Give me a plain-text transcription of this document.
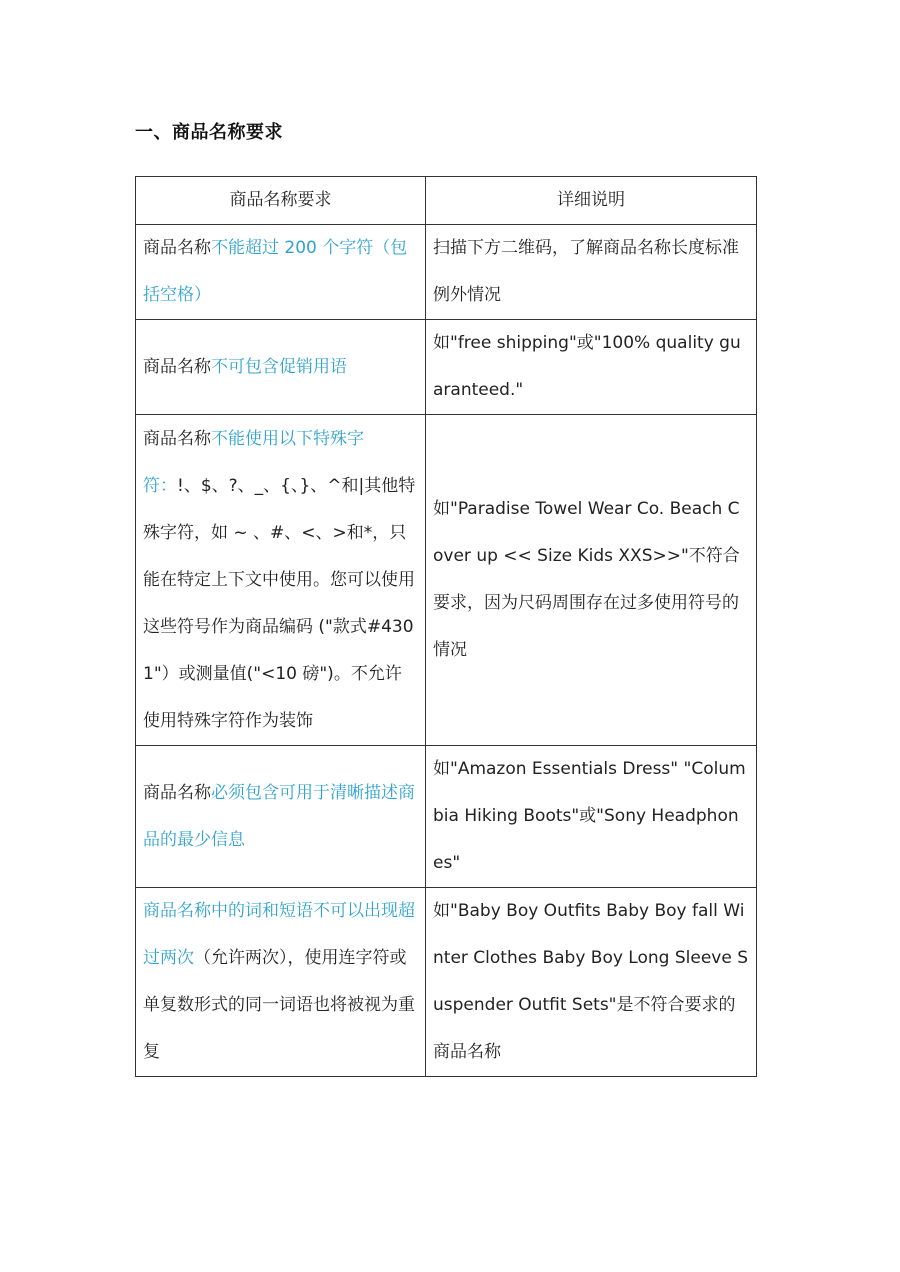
一、商品名称要求
商品名称要求	详细说明
商品名称不能超过 200 个字符（包括空格）	扫描下方二维码，了解商品名称长度标准例外情况
商品名称不可包含促销用语	如"free shipping"或"100% quality guaranteed."
商品名称不能使用以下特殊字符：!、$、?、_、{、}、^和|其他特殊字符，如 ~ 、#、<、>和*，只能在特定上下文中使用。您可以使用这些符号作为商品编码 ("款式#4301"）或测量值("<10 磅")。不允许使用特殊字符作为装饰	如"Paradise Towel Wear Co. Beach Cover up << Size Kids XXS>>"不符合要求，因为尺码周围存在过多使用符号的情况
商品名称必须包含可用于清晰描述商品的最少信息	如"Amazon Essentials Dress" "Columbia Hiking Boots"或"Sony Headphones"
商品名称中的词和短语不可以出现超过两次（允许两次），使用连字符或单复数形式的同一词语也将被视为重复	如"Baby Boy Outfits Baby Boy fall Winter Clothes Baby Boy Long Sleeve Suspender Outfit Sets"是不符合要求的商品名称
